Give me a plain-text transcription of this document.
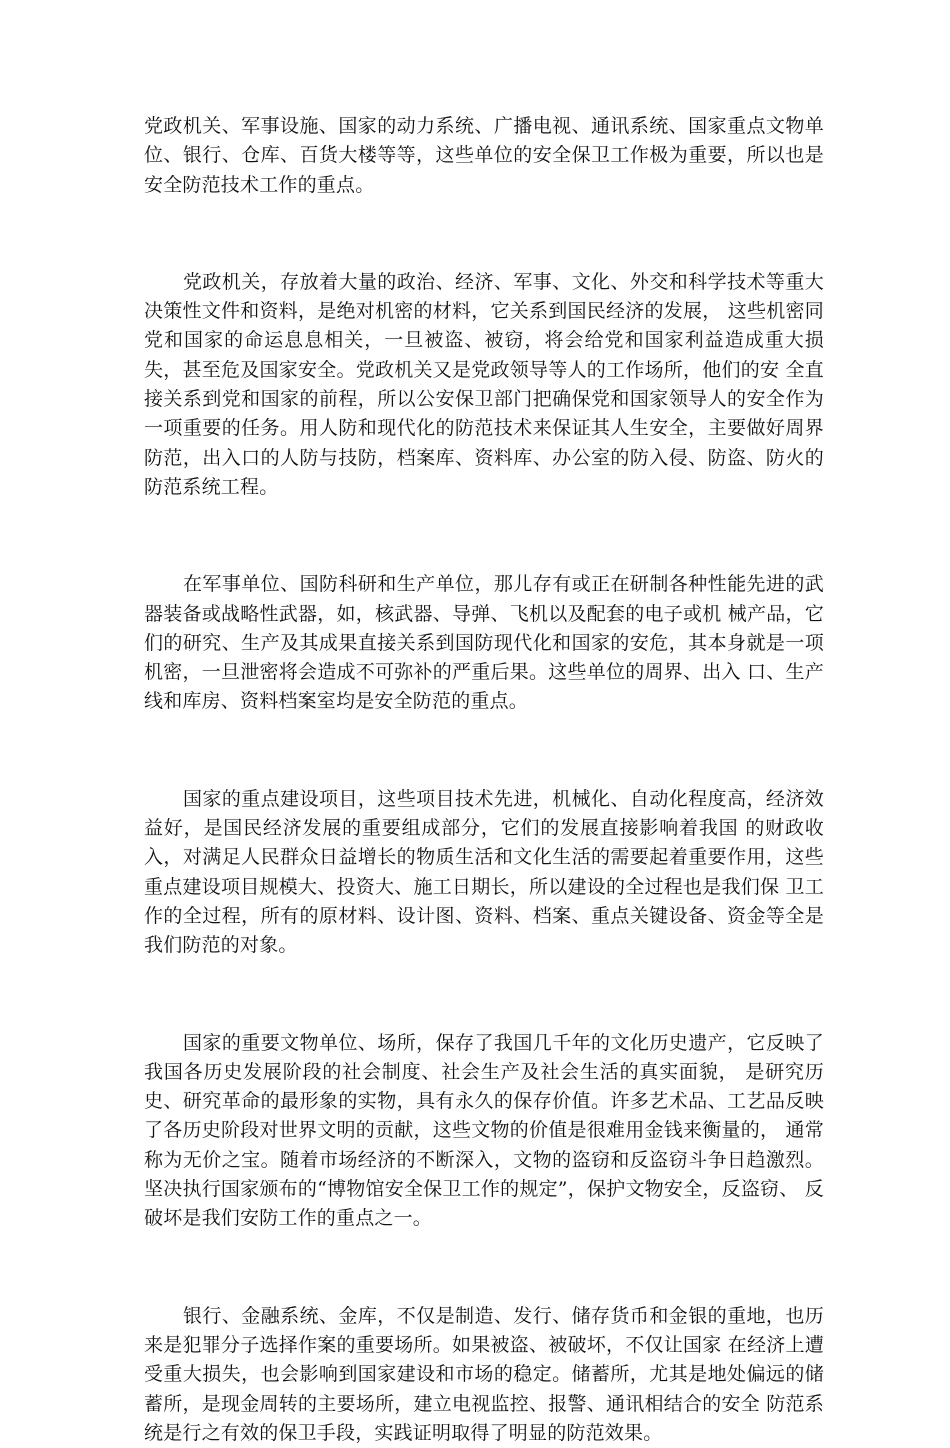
党政机关、军事设施、国家的动力系统、广播电视、通讯系统、国家重点文物单位、银行、仓库、百货大楼等等，这些单位的安全保卫工作极为重要，所以也是安全防范技术工作的重点。

党政机关，存放着大量的政治、经济、军事、文化、外交和科学技术等重大决策性文件和资料，是绝对机密的材料，它关系到国民经济的发展， 这些机密同党和国家的命运息息相关，一旦被盗、被窃，将会给党和国家利益造成重大损失，甚至危及国家安全。党政机关又是党政领导等人的工作场所，他们的安 全直接关系到党和国家的前程，所以公安保卫部门把确保党和国家领导人的安全作为一项重要的任务。用人防和现代化的防范技术来保证其人生安全，主要做好周界 防范，出入口的人防与技防，档案库、资料库、办公室的防入侵、防盗、防火的防范系统工程。

在军事单位、国防科研和生产单位，那儿存有或正在研制各种性能先进的武器装备或战略性武器，如，核武器、导弹、飞机以及配套的电子或机 械产品，它们的研究、生产及其成果直接关系到国防现代化和国家的安危，其本身就是一项机密，一旦泄密将会造成不可弥补的严重后果。这些单位的周界、出入 口、生产线和库房、资料档案室均是安全防范的重点。

国家的重点建设项目，这些项目技术先进，机械化、自动化程度高，经济效益好，是国民经济发展的重要组成部分，它们的发展直接影响着我国 的财政收入，对满足人民群众日益增长的物质生活和文化生活的需要起着重要作用，这些重点建设项目规模大、投资大、施工日期长，所以建设的全过程也是我们保 卫工作的全过程，所有的原材料、设计图、资料、档案、重点关键设备、资金等全是我们防范的对象。

国家的重要文物单位、场所，保存了我国几千年的文化历史遗产，它反映了我国各历史发展阶段的社会制度、社会生产及社会生活的真实面貌， 是研究历史、研究革命的最形象的实物，具有永久的保存价值。许多艺术品、工艺品反映了各历史阶段对世界文明的贡献，这些文物的价值是很难用金钱来衡量的， 通常称为无价之宝。随着市场经济的不断深入，文物的盗窃和反盗窃斗争日趋激烈。坚决执行国家颁布的“博物馆安全保卫工作的规定”，保护文物安全，反盗窃、 反破坏是我们安防工作的重点之一。

银行、金融系统、金库，不仅是制造、发行、储存货币和金银的重地，也历来是犯罪分子选择作案的重要场所。如果被盗、被破坏，不仅让国家 在经济上遭受重大损失，也会影响到国家建设和市场的稳定。储蓄所，尤其是地处偏远的储蓄所，是现金周转的主要场所，建立电视监控、报警、通讯相结合的安全 防范系统是行之有效的保卫手段，实践证明取得了明显的防范效果。
